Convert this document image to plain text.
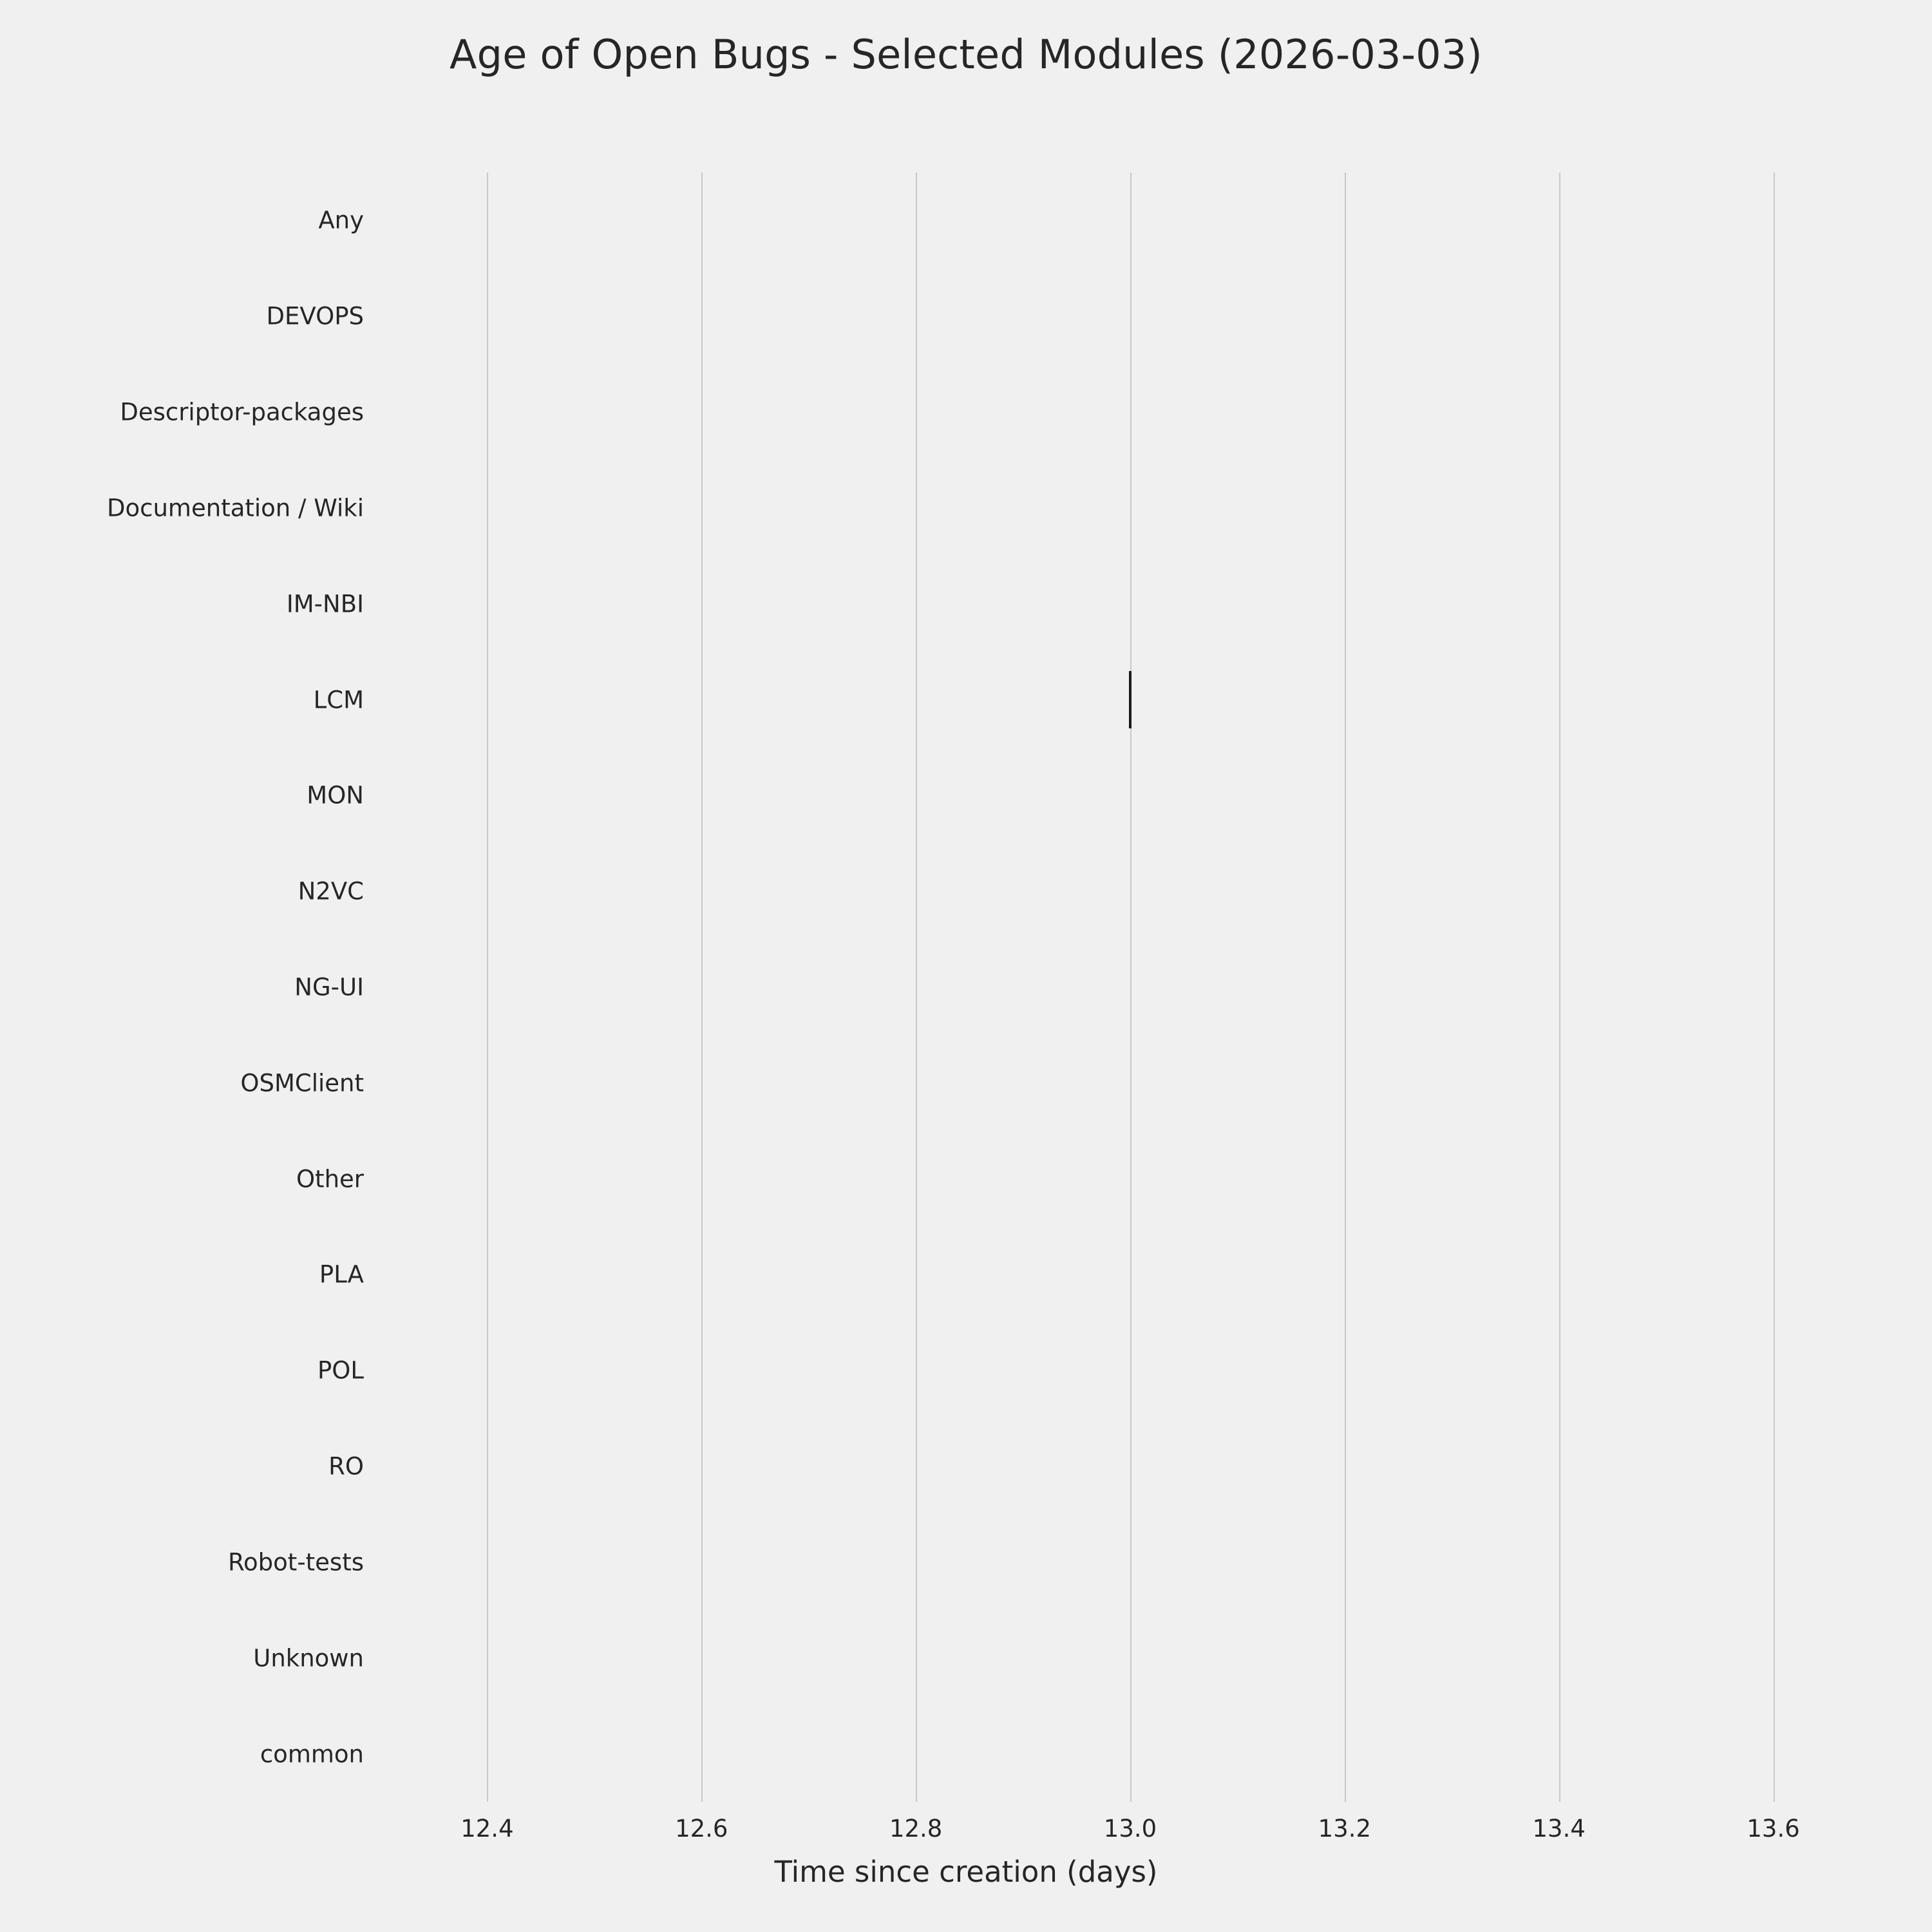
Age of Open Bugs - Selected Modules (2026-03-03)
Time since creation (days)
12.4	12.6	12.8	13.0	13.2	13.4	13.6
Any
DEVOPS
Descriptor-packages
Documentation / Wiki
IM-NBI
LCM
MON
N2VC
NG-UI
OSMClient
Other
PLA
POL
RO
Robot-tests
Unknown
common
